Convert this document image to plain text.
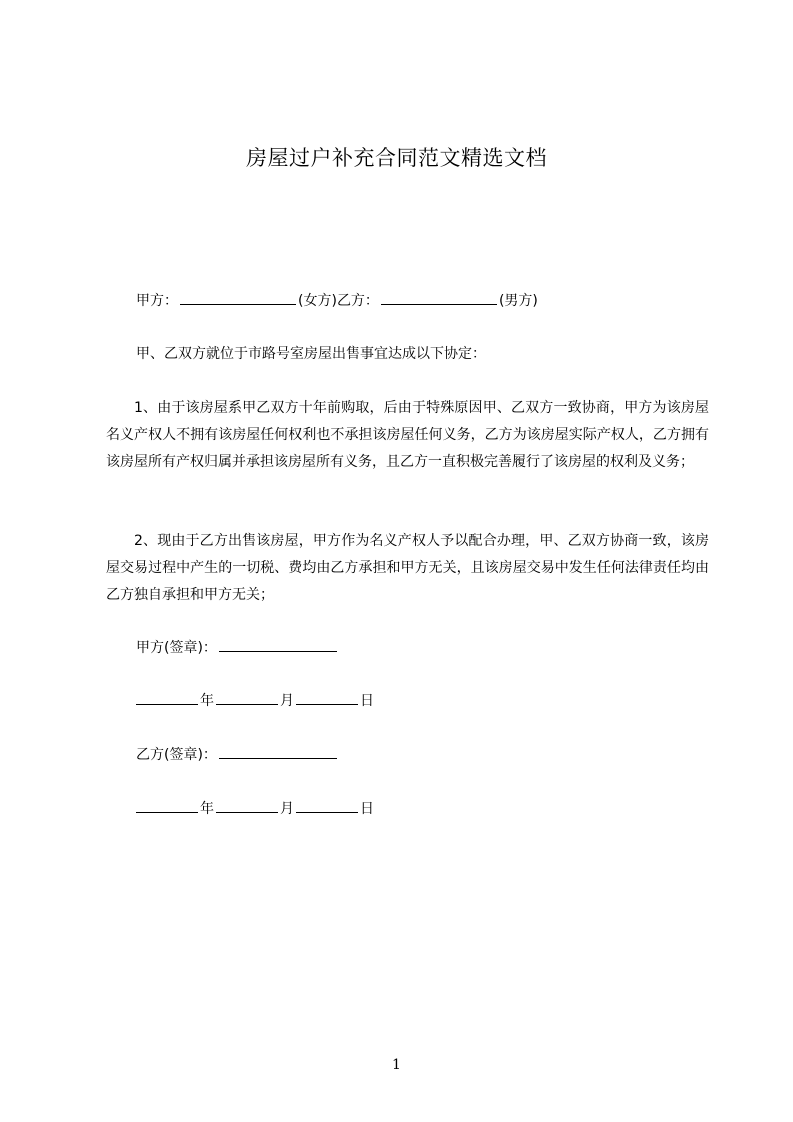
房屋过户补充合同范文精选文档
甲方：	(女方)乙方：	(男方)
甲、乙双方就位于市路号室房屋出售事宜达成以下协定：
1、由于该房屋系甲乙双方十年前购取，后由于特殊原因甲、乙双方一致协商，甲方为该房屋名义产权人不拥有该房屋任何权利也不承担该房屋任何义务，乙方为该房屋实际产权人，乙方拥有该房屋所有产权归属并承担该房屋所有义务，且乙方一直积极完善履行了该房屋的权利及义务；
2、现由于乙方出售该房屋，甲方作为名义产权人予以配合办理，甲、乙双方协商一致，该房屋交易过程中产生的一切税、费均由乙方承担和甲方无关，且该房屋交易中发生任何法律责任均由乙方独自承担和甲方无关；
甲方(签章)：
年	月	日
乙方(签章)：
年	月	日
1
